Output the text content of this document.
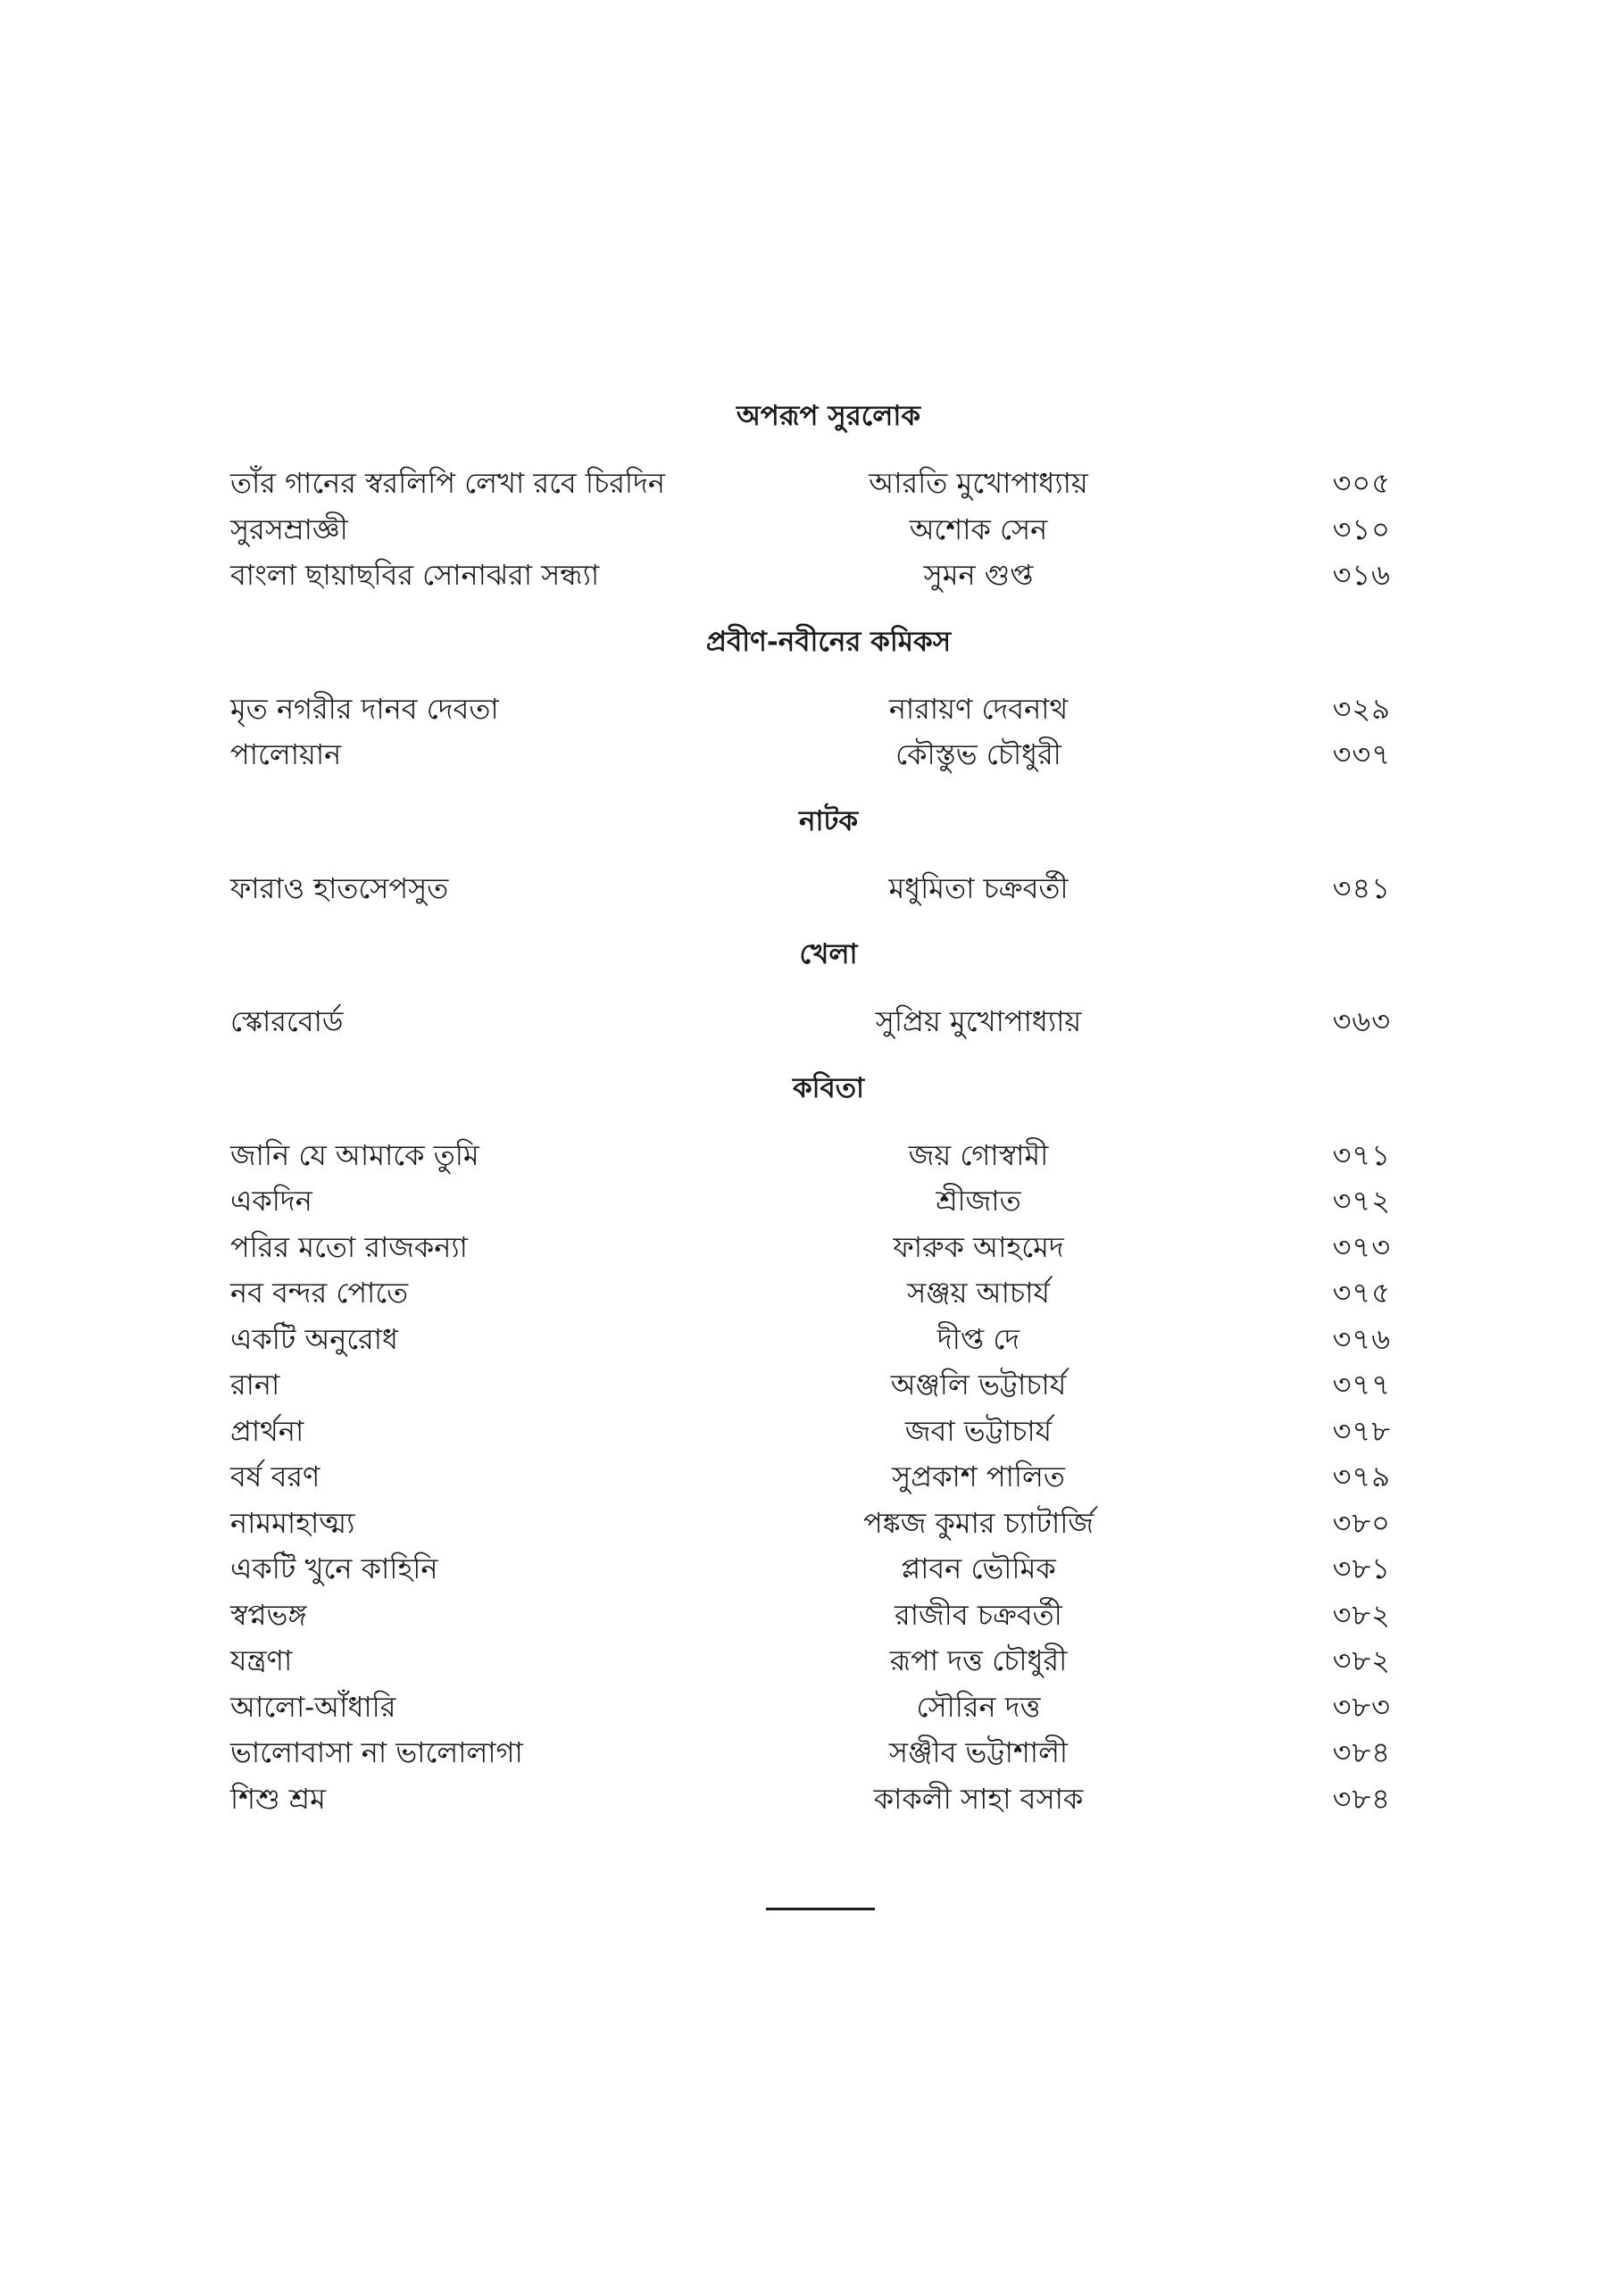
অপরূপ সুরলোক
তাঁর গানের স্বরলিপি লেখা রবে চিরদিন	আরতি মুখোপাধ্যায়	৩০৫
সুরসম্রাজ্ঞী	অশোক সেন	৩১০
বাংলা ছায়াছবির সোনাঝরা সন্ধ্যা	সুমন গুপ্ত	৩১৬
প্রবীণ-নবীনের কমিকস
মৃত নগরীর দানব দেবতা	নারায়ণ দেবনাথ	৩২৯
পালোয়ান	কৌস্তুভ চৌধুরী	৩৩৭
নাটক
ফারাও হাতসেপসুত	মধুমিতা চক্রবর্তী	৩৪১
খেলা
স্কোরবোর্ড	সুপ্রিয় মুখোপাধ্যায়	৩৬৩
কবিতা
জানি যে আমাকে তুমি	জয় গোস্বামী	৩৭১
একদিন	শ্রীজাত	৩৭২
পরির মতো রাজকন্যা	ফারুক আহমেদ	৩৭৩
নব বন্দর পোতে	সঞ্জয় আচার্য	৩৭৫
একটি অনুরোধ	দীপ্ত দে	৩৭৬
রানা	অঞ্জলি ভট্টাচার্য	৩৭৭
প্রার্থনা	জবা ভট্টাচার্য	৩৭৮
বর্ষ বরণ	সুপ্রকাশ পালিত	৩৭৯
নামমাহাত্ম্য	পঙ্কজ কুমার চ্যাটার্জি	৩৮০
একটি খুনে কাহিনি	প্লাবন ভৌমিক	৩৮১
স্বপ্নভঙ্গ	রাজীব চক্রবর্তী	৩৮২
যন্ত্রণা	রূপা দত্ত চৌধুরী	৩৮২
আলো-আঁধারি	সৌরিন দত্ত	৩৮৩
ভালোবাসা না ভালোলাগা	সঞ্জীব ভট্টাশালী	৩৮৪
শিশু শ্রম	কাকলী সাহা বসাক	৩৮৪
